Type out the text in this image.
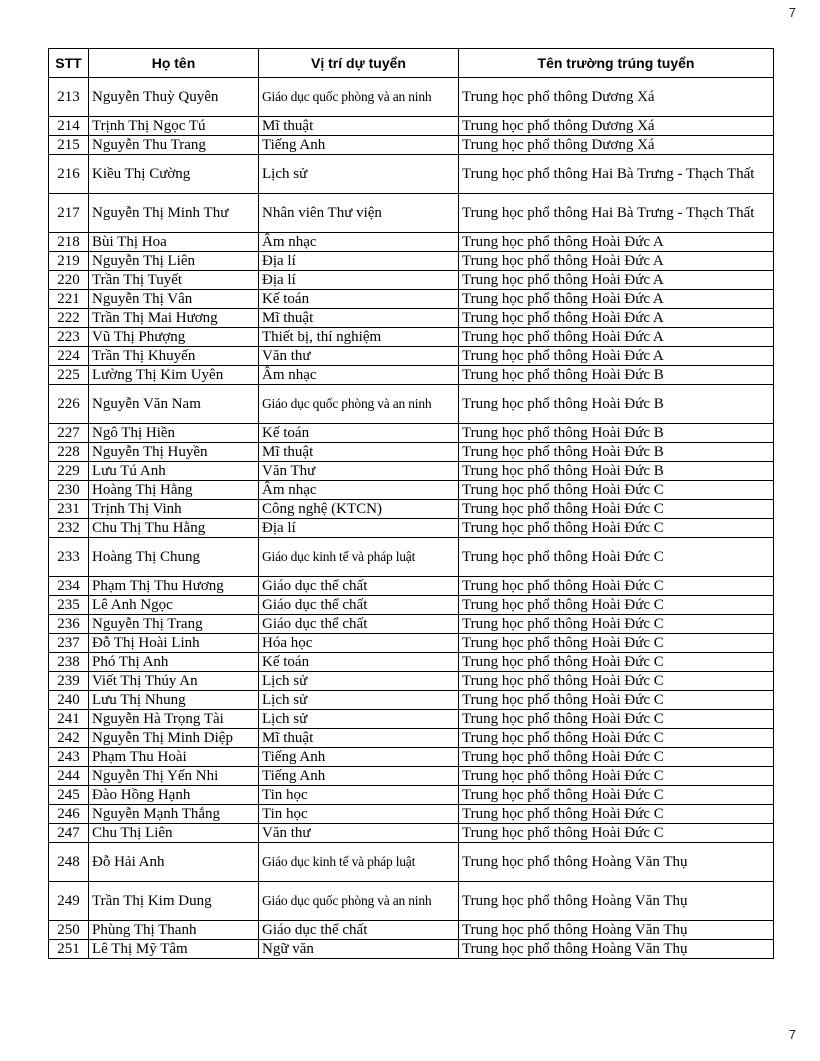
7
STT	Họ tên	Vị trí dự tuyển	Tên trường trúng tuyển
213	Nguyễn Thuỳ Quyên	Giáo dục quốc phòng và an ninh	Trung học phổ thông Dương Xá
214	Trịnh Thị Ngọc Tú	Mĩ thuật	Trung học phổ thông Dương Xá
215	Nguyễn Thu Trang	Tiếng Anh	Trung học phổ thông Dương Xá
216	Kiều Thị Cường	Lịch sử	Trung học phổ thông Hai Bà Trưng - Thạch Thất
217	Nguyễn Thị Minh Thư	Nhân viên Thư viện	Trung học phổ thông Hai Bà Trưng - Thạch Thất
218	Bùi Thị Hoa	Âm nhạc	Trung học phổ thông Hoài Đức A
219	Nguyễn Thị Liên	Địa lí	Trung học phổ thông Hoài Đức A
220	Trần Thị Tuyết	Địa lí	Trung học phổ thông Hoài Đức A
221	Nguyễn Thị Vân	Kế toán	Trung học phổ thông Hoài Đức A
222	Trần Thị Mai Hương	Mĩ thuật	Trung học phổ thông Hoài Đức A
223	Vũ Thị Phượng	Thiết bị, thí nghiệm	Trung học phổ thông Hoài Đức A
224	Trần Thị Khuyến	Văn thư	Trung học phổ thông Hoài Đức A
225	Lường Thị Kim Uyên	Âm nhạc	Trung học phổ thông Hoài Đức B
226	Nguyễn Văn Nam	Giáo dục quốc phòng và an ninh	Trung học phổ thông Hoài Đức B
227	Ngô Thị Hiền	Kế toán	Trung học phổ thông Hoài Đức B
228	Nguyễn Thị Huyền	Mĩ thuật	Trung học phổ thông Hoài Đức B
229	Lưu Tú Anh	Văn Thư	Trung học phổ thông Hoài Đức B
230	Hoàng Thị Hằng	Âm nhạc	Trung học phổ thông Hoài Đức C
231	Trịnh Thị Vinh	Công nghệ (KTCN)	Trung học phổ thông Hoài Đức C
232	Chu Thị Thu Hằng	Địa lí	Trung học phổ thông Hoài Đức C
233	Hoàng Thị Chung	Giáo dục kinh tế và pháp luật	Trung học phổ thông Hoài Đức C
234	Phạm Thị Thu Hương	Giáo dục thể chất	Trung học phổ thông Hoài Đức C
235	Lê Anh Ngọc	Giáo dục thể chất	Trung học phổ thông Hoài Đức C
236	Nguyễn Thị Trang	Giáo dục thể chất	Trung học phổ thông Hoài Đức C
237	Đỗ Thị Hoài Linh	Hóa học	Trung học phổ thông Hoài Đức C
238	Phó Thị Anh	Kế toán	Trung học phổ thông Hoài Đức C
239	Viết Thị Thúy An	Lịch sử	Trung học phổ thông Hoài Đức C
240	Lưu Thị Nhung	Lịch sử	Trung học phổ thông Hoài Đức C
241	Nguyễn Hà Trọng Tài	Lịch sử	Trung học phổ thông Hoài Đức C
242	Nguyễn Thị Minh Diệp	Mĩ thuật	Trung học phổ thông Hoài Đức C
243	Phạm Thu Hoài	Tiếng Anh	Trung học phổ thông Hoài Đức C
244	Nguyễn Thị Yến Nhi	Tiếng Anh	Trung học phổ thông Hoài Đức C
245	Đào Hồng Hạnh	Tin học	Trung học phổ thông Hoài Đức C
246	Nguyễn Mạnh Thắng	Tin học	Trung học phổ thông Hoài Đức C
247	Chu Thị Liên	Văn thư	Trung học phổ thông Hoài Đức C
248	Đỗ Hải Anh	Giáo dục kinh tế và pháp luật	Trung học phổ thông Hoàng Văn Thụ
249	Trần Thị Kim Dung	Giáo dục quốc phòng và an ninh	Trung học phổ thông Hoàng Văn Thụ
250	Phùng Thị Thanh	Giáo dục thể chất	Trung học phổ thông Hoàng Văn Thụ
251	Lê Thị Mỹ Tâm	Ngữ văn	Trung học phổ thông Hoàng Văn Thụ
7
